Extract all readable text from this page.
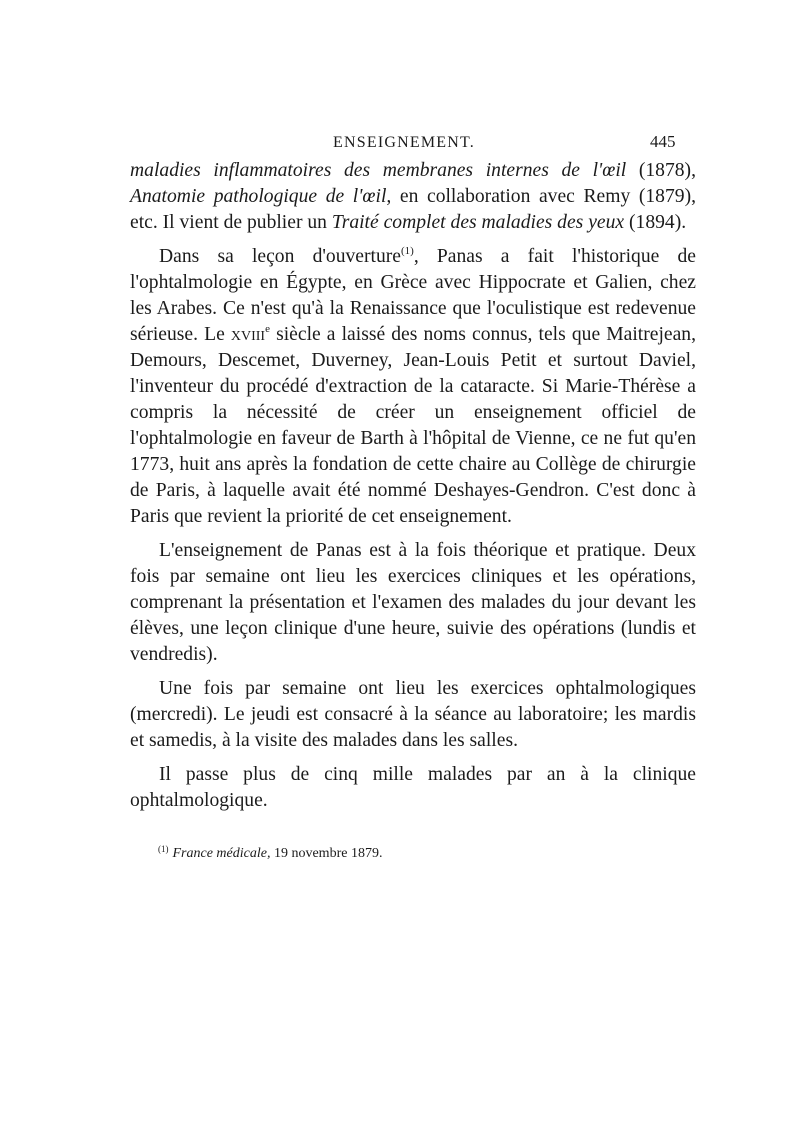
ENSEIGNEMENT.	445

maladies inflammatoires des membranes internes de l'œil (1878), Anatomie pathologique de l'œil, en collaboration avec Remy (1879), etc. Il vient de publier un Traité complet des maladies des yeux (1894).

Dans sa leçon d'ouverture$^{(1)}$, Panas a fait l'historique de l'ophtalmologie en Égypte, en Grèce avec Hippocrate et Galien, chez les Arabes. Ce n'est qu'à la Renaissance que l'oculistique est redevenue sérieuse. Le xviii$^e$ siècle a laissé des noms connus, tels que Maitrejean, Demours, Descemet, Duverney, Jean-Louis Petit et surtout Daviel, l'inventeur du procédé d'extraction de la cataracte. Si Marie-Thérèse a compris la nécessité de créer un enseignement officiel de l'ophtalmologie en faveur de Barth à l'hôpital de Vienne, ce ne fut qu'en 1773, huit ans après la fondation de cette chaire au Collège de chirurgie de Paris, à laquelle avait été nommé Deshayes-Gendron. C'est donc à Paris que revient la priorité de cet enseignement.

L'enseignement de Panas est à la fois théorique et pratique. Deux fois par semaine ont lieu les exercices cliniques et les opérations, comprenant la présentation et l'examen des malades du jour devant les élèves, une leçon clinique d'une heure, suivie des opérations (lundis et vendredis).

Une fois par semaine ont lieu les exercices ophtalmologiques (mercredi). Le jeudi est consacré à la séance au laboratoire; les mardis et samedis, à la visite des malades dans les salles.

Il passe plus de cinq mille malades par an à la clinique ophtalmologique.

$^{(1)}$ France médicale, 19 novembre 1879.
